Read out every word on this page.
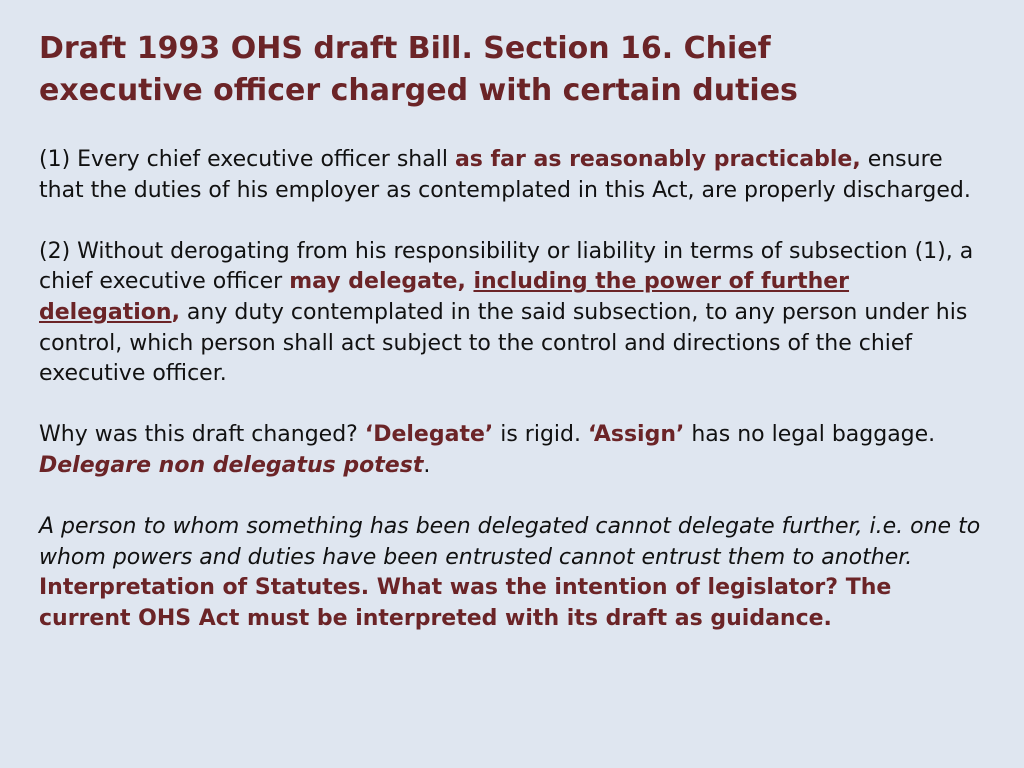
Draft 1993 OHS draft Bill. Section 16. Chief
executive officer charged with certain duties

(1) Every chief executive officer shall as far as reasonably practicable, ensure that the duties of his employer as contemplated in this Act, are properly discharged.

(2) Without derogating from his responsibility or liability in terms of subsection (1), a chief executive officer may delegate, including the power of further delegation, any duty contemplated in the said subsection, to any person under his control, which person shall act subject to the control and directions of the chief executive officer.

Why was this draft changed? ‘Delegate’ is rigid. ‘Assign’ has no legal baggage. Delegare non delegatus potest.

A person to whom something has been delegated cannot delegate further, i.e. one to whom powers and duties have been entrusted cannot entrust them to another.

Interpretation of Statutes. What was the intention of legislator? The current OHS Act must be interpreted with its draft as guidance.
